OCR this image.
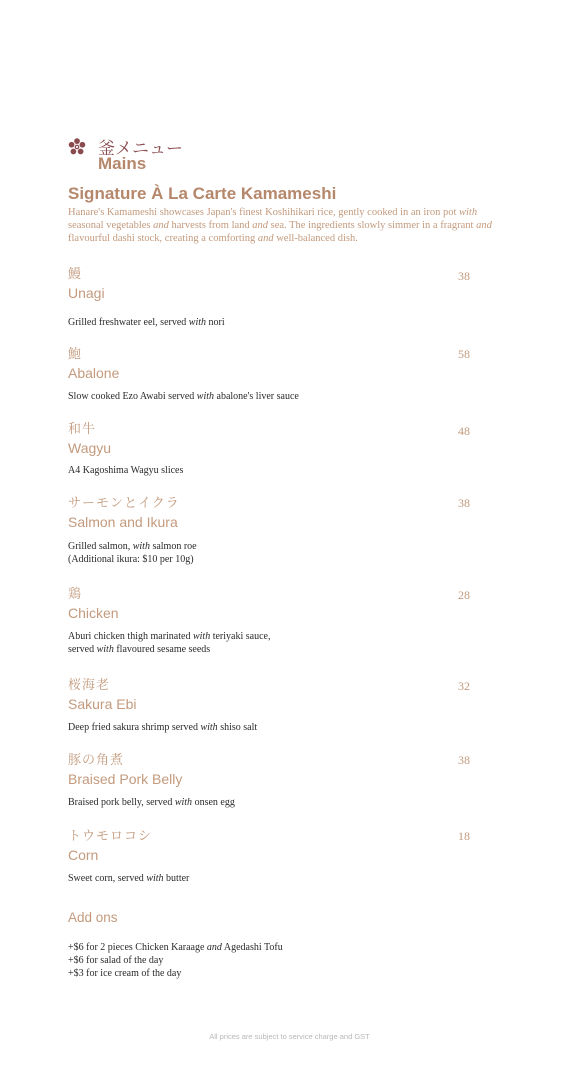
釜メニュー
Mains
Signature À La Carte Kamameshi
Hanare's Kamameshi showcases Japan's finest Koshihikari rice, gently cooked in an iron pot with seasonal vegetables and harvests from land and sea. The ingredients slowly simmer in a fragrant and flavourful dashi stock, creating a comforting and well-balanced dish.
鰻
Unagi
38
Grilled freshwater eel, served with nori
鮑
Abalone
58
Slow cooked Ezo Awabi served with abalone's liver sauce
和牛
Wagyu
48
A4 Kagoshima Wagyu slices
サーモンとイクラ
Salmon and Ikura
38
Grilled salmon, with salmon roe
(Additional ikura: $10 per 10g)
鶏
Chicken
28
Aburi chicken thigh marinated with teriyaki sauce,
served with flavoured sesame seeds
桜海老
Sakura Ebi
32
Deep fried sakura shrimp served with shiso salt
豚の角煮
Braised Pork Belly
38
Braised pork belly, served with onsen egg
トウモロコシ
Corn
18
Sweet corn, served with butter
Add ons
+$6 for 2 pieces Chicken Karaage and Agedashi Tofu
+$6 for salad of the day
+$3 for ice cream of the day
All prices are subject to service charge and GST
